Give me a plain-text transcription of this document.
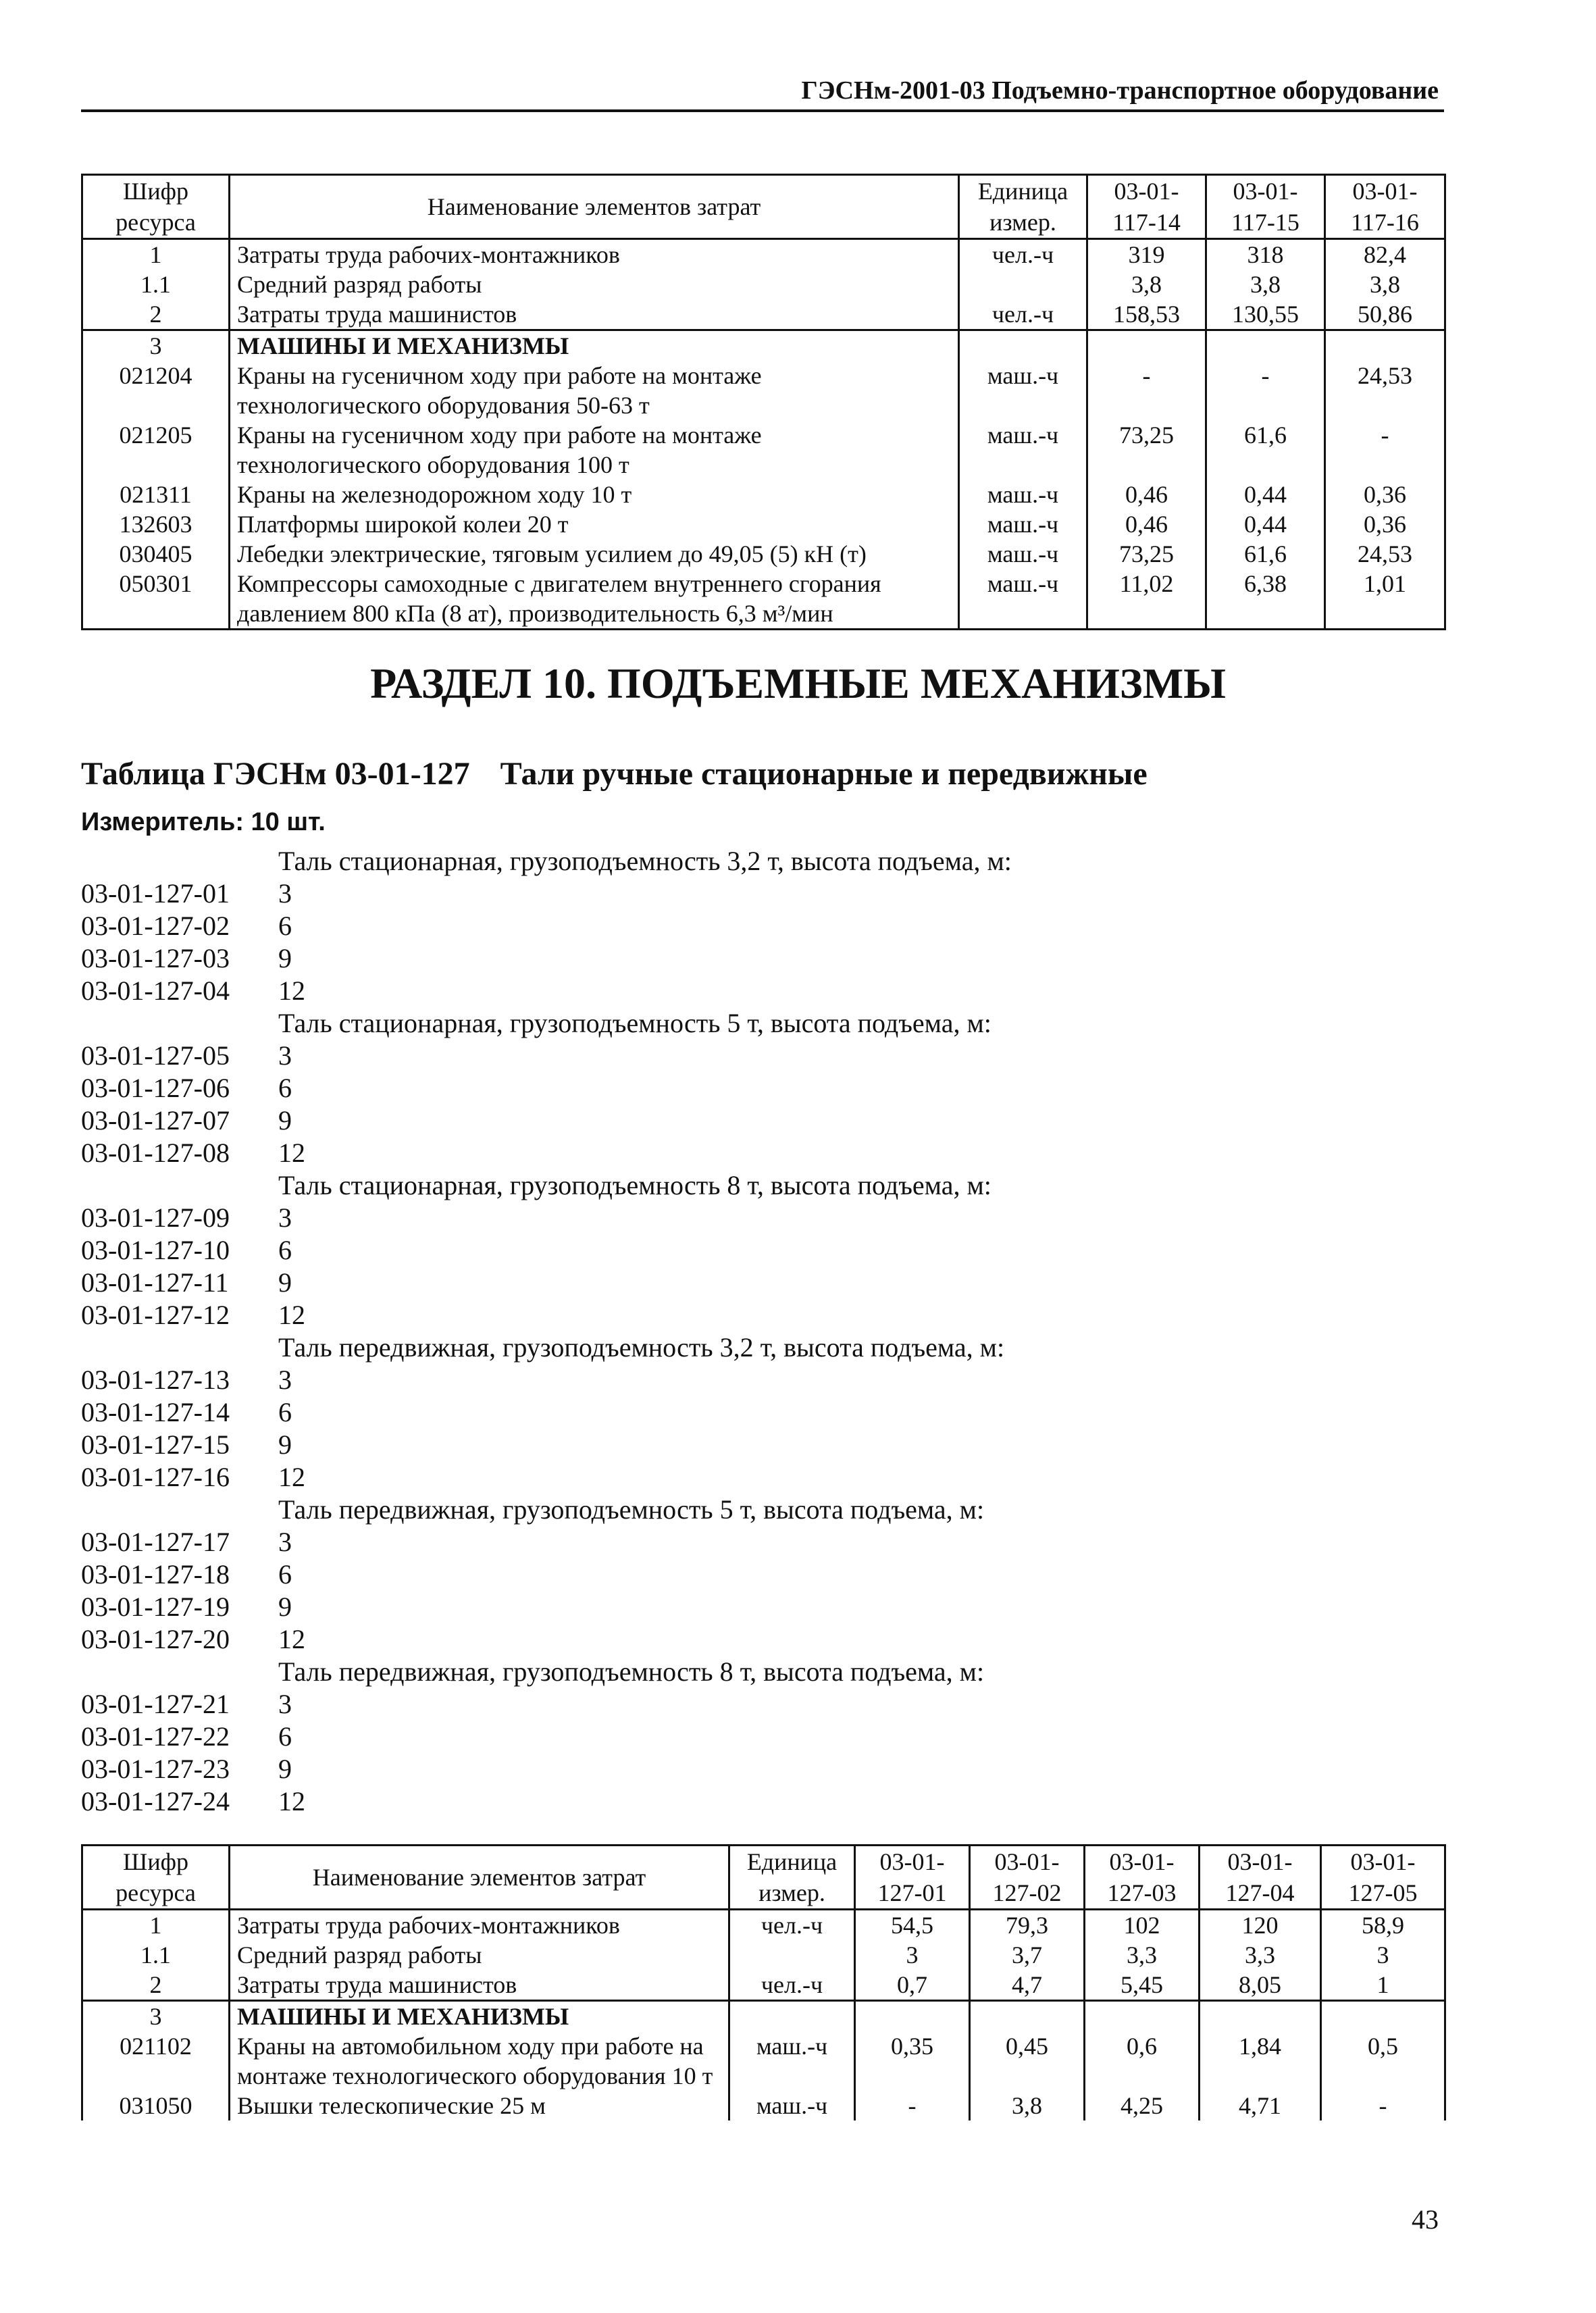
ГЭСНм-2001-03 Подъемно-транспортное оборудование
Шифр ресурса	Наименование элементов затрат	Единица измер.	03-01-117-14	03-01-117-15	03-01-117-16
1	Затраты труда рабочих-монтажников	чел.-ч	319	318	82,4
1.1	Средний разряд работы		3,8	3,8	3,8
2	Затраты труда машинистов	чел.-ч	158,53	130,55	50,86
3	МАШИНЫ И МЕХАНИЗМЫ				
021204	Краны на гусеничном ходу при работе на монтаже технологического оборудования 50-63 т	маш.-ч	-	-	24,53
021205	Краны на гусеничном ходу при работе на монтаже технологического оборудования 100 т	маш.-ч	73,25	61,6	-
021311	Краны на железнодорожном ходу 10 т	маш.-ч	0,46	0,44	0,36
132603	Платформы широкой колеи 20 т	маш.-ч	0,46	0,44	0,36
030405	Лебедки электрические, тяговым усилием до 49,05 (5) кН (т)	маш.-ч	73,25	61,6	24,53
050301	Компрессоры самоходные с двигателем внутреннего сгорания давлением 800 кПа (8 ат), производительность 6,3 м³/мин	маш.-ч	11,02	6,38	1,01
РАЗДЕЛ 10. ПОДЪЕМНЫЕ МЕХАНИЗМЫ
Таблица ГЭСНм 03-01-127 Тали ручные стационарные и передвижные
Измеритель: 10 шт.
Таль стационарная, грузоподъемность 3,2 т, высота подъема, м:
03-01-127-01 3
03-01-127-02 6
03-01-127-03 9
03-01-127-04 12
Таль стационарная, грузоподъемность 5 т, высота подъема, м:
03-01-127-05 3
03-01-127-06 6
03-01-127-07 9
03-01-127-08 12
Таль стационарная, грузоподъемность 8 т, высота подъема, м:
03-01-127-09 3
03-01-127-10 6
03-01-127-11 9
03-01-127-12 12
Таль передвижная, грузоподъемность 3,2 т, высота подъема, м:
03-01-127-13 3
03-01-127-14 6
03-01-127-15 9
03-01-127-16 12
Таль передвижная, грузоподъемность 5 т, высота подъема, м:
03-01-127-17 3
03-01-127-18 6
03-01-127-19 9
03-01-127-20 12
Таль передвижная, грузоподъемность 8 т, высота подъема, м:
03-01-127-21 3
03-01-127-22 6
03-01-127-23 9
03-01-127-24 12
Шифр ресурса	Наименование элементов затрат	Единица измер.	03-01-127-01	03-01-127-02	03-01-127-03	03-01-127-04	03-01-127-05
1	Затраты труда рабочих-монтажников	чел.-ч	54,5	79,3	102	120	58,9
1.1	Средний разряд работы		3	3,7	3,3	3,3	3
2	Затраты труда машинистов	чел.-ч	0,7	4,7	5,45	8,05	1
3	МАШИНЫ И МЕХАНИЗМЫ						
021102	Краны на автомобильном ходу при работе на монтаже технологического оборудования 10 т	маш.-ч	0,35	0,45	0,6	1,84	0,5
031050	Вышки телескопические 25 м	маш.-ч	-	3,8	4,25	4,71	-
43
